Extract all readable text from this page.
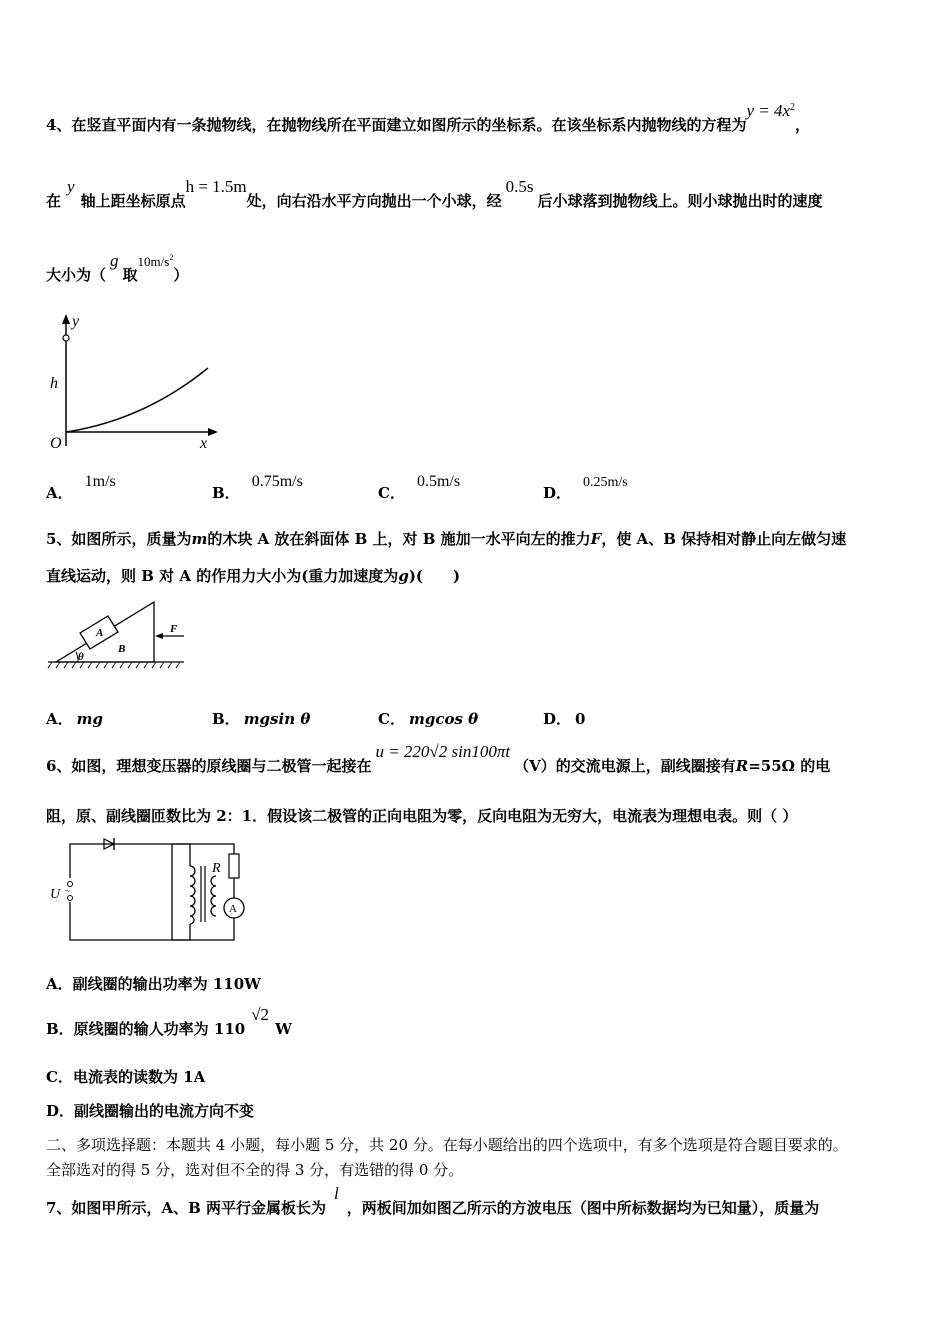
4、在竖直平面内有一条抛物线，在抛物线所在平面建立如图所示的坐标系。在该坐标系内抛物线的方程为$y = 4x^2$，
在y轴上距坐标原点h = 1.5m处，向右沿水平方向抛出一个小球，经0.5s后小球落到抛物线上。则小球抛出时的速度
大小为（g取$10m/s^2$）
y
h
O	x
A．1m/s
B．0.75m/s
C．0.5m/s
D．0.25m/s
5、如图所示，质量为m的木块 A 放在斜面体 B 上，对 B 施加一水平向左的推力F，使 A、B 保持相对静止向左做匀速
直线运动，则 B 对 A 的作用力大小为(重力加速度为g)(　　)
A
B
F
θ
A． mg	B． mgsin θ	C． mgcos θ	D． 0
6、如图，理想变压器的原线圈与二极管一起接在u = 220√2 sin100πt（V）的交流电源上，副线圈接有R=55Ω 的电
阻，原、副线圈匝数比为 2：1．假设该二极管的正向电阻为零，反向电阻为无穷大，电流表为理想电表。则（ ）
~
A
U
R
A．副线圈的输出功率为 110W
B．原线圈的输人功率为 110√2W
C．电流表的读数为 1A
D．副线圈输出的电流方向不变
二、多项选择题：本题共 4 小题，每小题 5 分，共 20 分。在每小题给出的四个选项中，有多个选项是符合题目要求的。
全部选对的得 5 分，选对但不全的得 3 分，有选错的得 0 分。
7、如图甲所示，A、B 两平行金属板长为l，两板间加如图乙所示的方波电压（图中所标数据均为已知量），质量为
